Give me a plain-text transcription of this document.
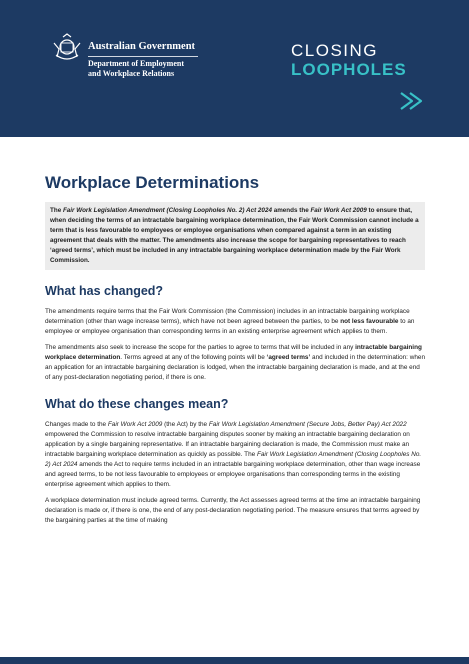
Australian Government
Department of Employment
and Workplace Relations
CLOSING
LOOPHOLES
Workplace Determinations
The Fair Work Legislation Amendment (Closing Loopholes No. 2) Act 2024 amends the Fair Work Act 2009 to ensure that, when deciding the terms of an intractable bargaining workplace determination, the Fair Work Commission cannot include a term that is less favourable to employees or employee organisations when compared against a term in an existing agreement that deals with the matter. The amendments also increase the scope for bargaining representatives to reach ‘agreed terms’, which must be included in any intractable bargaining workplace determination made by the Fair Work Commission.
What has changed?

The amendments require terms that the Fair Work Commission (the Commission) includes in an intractable bargaining workplace determination (other than wage increase terms), which have not been agreed between the parties, to be not less favourable to an employee or employee organisation than corresponding terms in an existing enterprise agreement which applies to them.

The amendments also seek to increase the scope for the parties to agree to terms that will be included in any intractable bargaining workplace determination. Terms agreed at any of the following points will be ‘agreed terms’ and included in the determination: when an application for an intractable bargaining declaration is lodged, when the intractable bargaining declaration is made, and at the end of any post-declaration negotiating period, if there is one.

What do these changes mean?

Changes made to the Fair Work Act 2009 (the Act) by the Fair Work Legislation Amendment (Secure Jobs, Better Pay) Act 2022 empowered the Commission to resolve intractable bargaining disputes sooner by making an intractable bargaining declaration on application by a single bargaining representative. If an intractable bargaining declaration is made, the Commission must make an intractable bargaining workplace determination as quickly as possible. The Fair Work Legislation Amendment (Closing Loopholes No. 2) Act 2024 amends the Act to require terms included in an intractable bargaining workplace determination, other than wage increase and agreed terms, to be not less favourable to employees or employee organisations than corresponding terms in the existing enterprise agreement which applies to them.

A workplace determination must include agreed terms. Currently, the Act assesses agreed terms at the time an intractable bargaining declaration is made or, if there is one, the end of any post-declaration negotiating period. The measure ensures that terms agreed by the bargaining parties at the time of making
